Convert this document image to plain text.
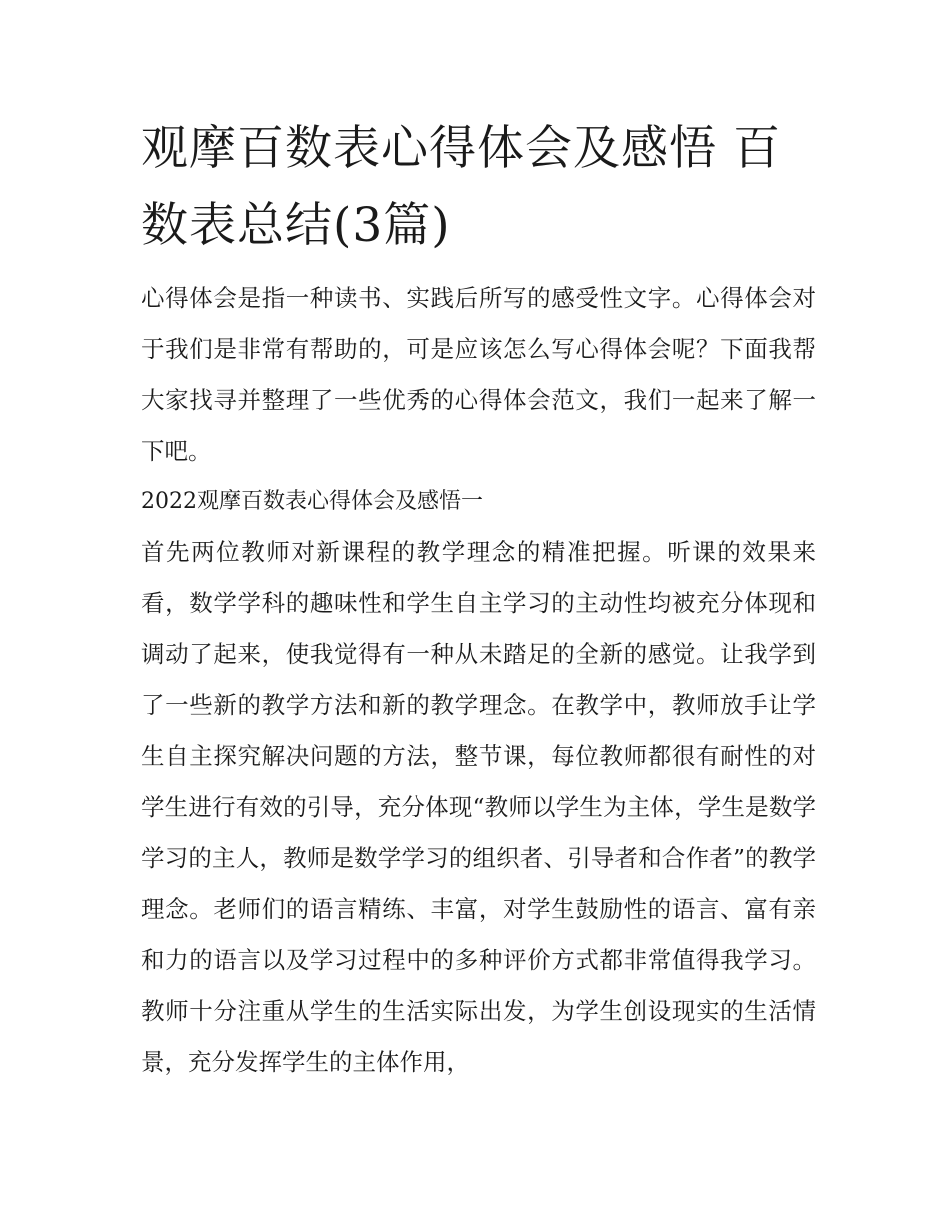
观摩百数表心得体会及感悟 百数表总结(3篇)

心得体会是指一种读书、实践后所写的感受性文字。心得体会对于我们是非常有帮助的，可是应该怎么写心得体会呢？下面我帮大家找寻并整理了一些优秀的心得体会范文，我们一起来了解一下吧。

2022观摩百数表心得体会及感悟一

首先两位教师对新课程的教学理念的精准把握。听课的效果来看，数学学科的趣味性和学生自主学习的主动性均被充分体现和调动了起来，使我觉得有一种从未踏足的全新的感觉。让我学到了一些新的教学方法和新的教学理念。在教学中，教师放手让学生自主探究解决问题的方法，整节课，每位教师都很有耐性的对学生进行有效的引导，充分体现“教师以学生为主体，学生是数学学习的主人，教师是数学学习的组织者、引导者和合作者”的教学理念。老师们的语言精练、丰富，对学生鼓励性的语言、富有亲和力的语言以及学习过程中的多种评价方式都非常值得我学习。教师十分注重从学生的生活实际出发，为学生创设现实的生活情景，充分发挥学生的主体作用，
